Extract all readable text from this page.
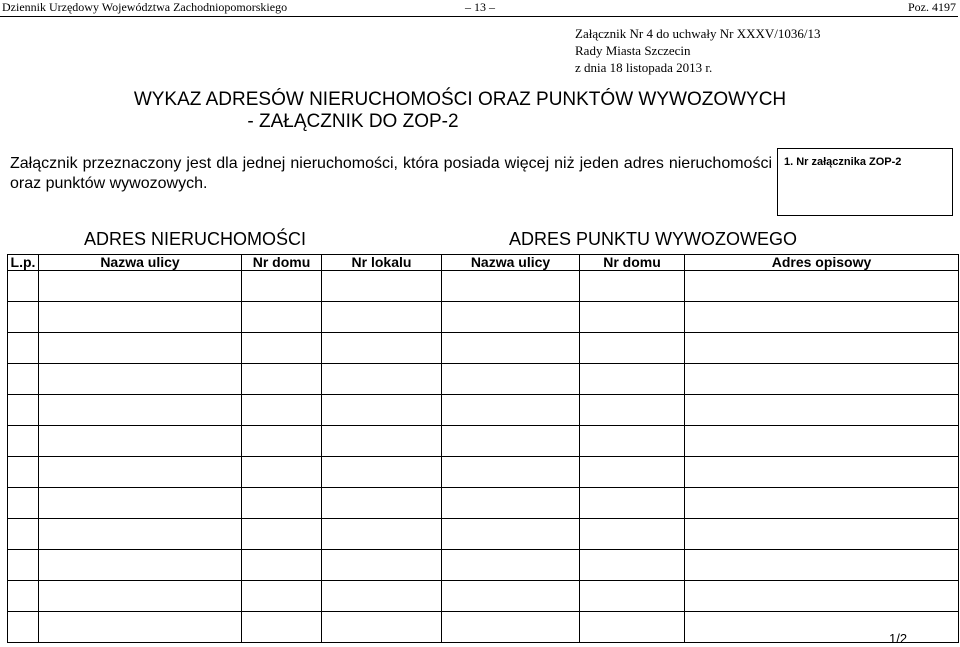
Dziennik Urzędowy Województwa Zachodniopomorskiego	– 13 –	Poz. 4197
Załącznik Nr 4 do uchwały Nr XXXV/1036/13
Rady Miasta Szczecin
z dnia 18 listopada 2013 r.
WYKAZ ADRESÓW NIERUCHOMOŚCI ORAZ PUNKTÓW WYWOZOWYCH
- ZAŁĄCZNIK DO ZOP-2
Załącznik przeznaczony jest dla jednej nieruchomości, która posiada więcej niż jeden adres nieruchomości oraz punktów wywozowych.
1. Nr załącznika ZOP-2
ADRES NIERUCHOMOŚCI	ADRES PUNKTU WYWOZOWEGO
L.p.	Nazwa ulicy	Nr domu	Nr lokalu	Nazwa ulicy	Nr domu	Adres opisowy

1/2
